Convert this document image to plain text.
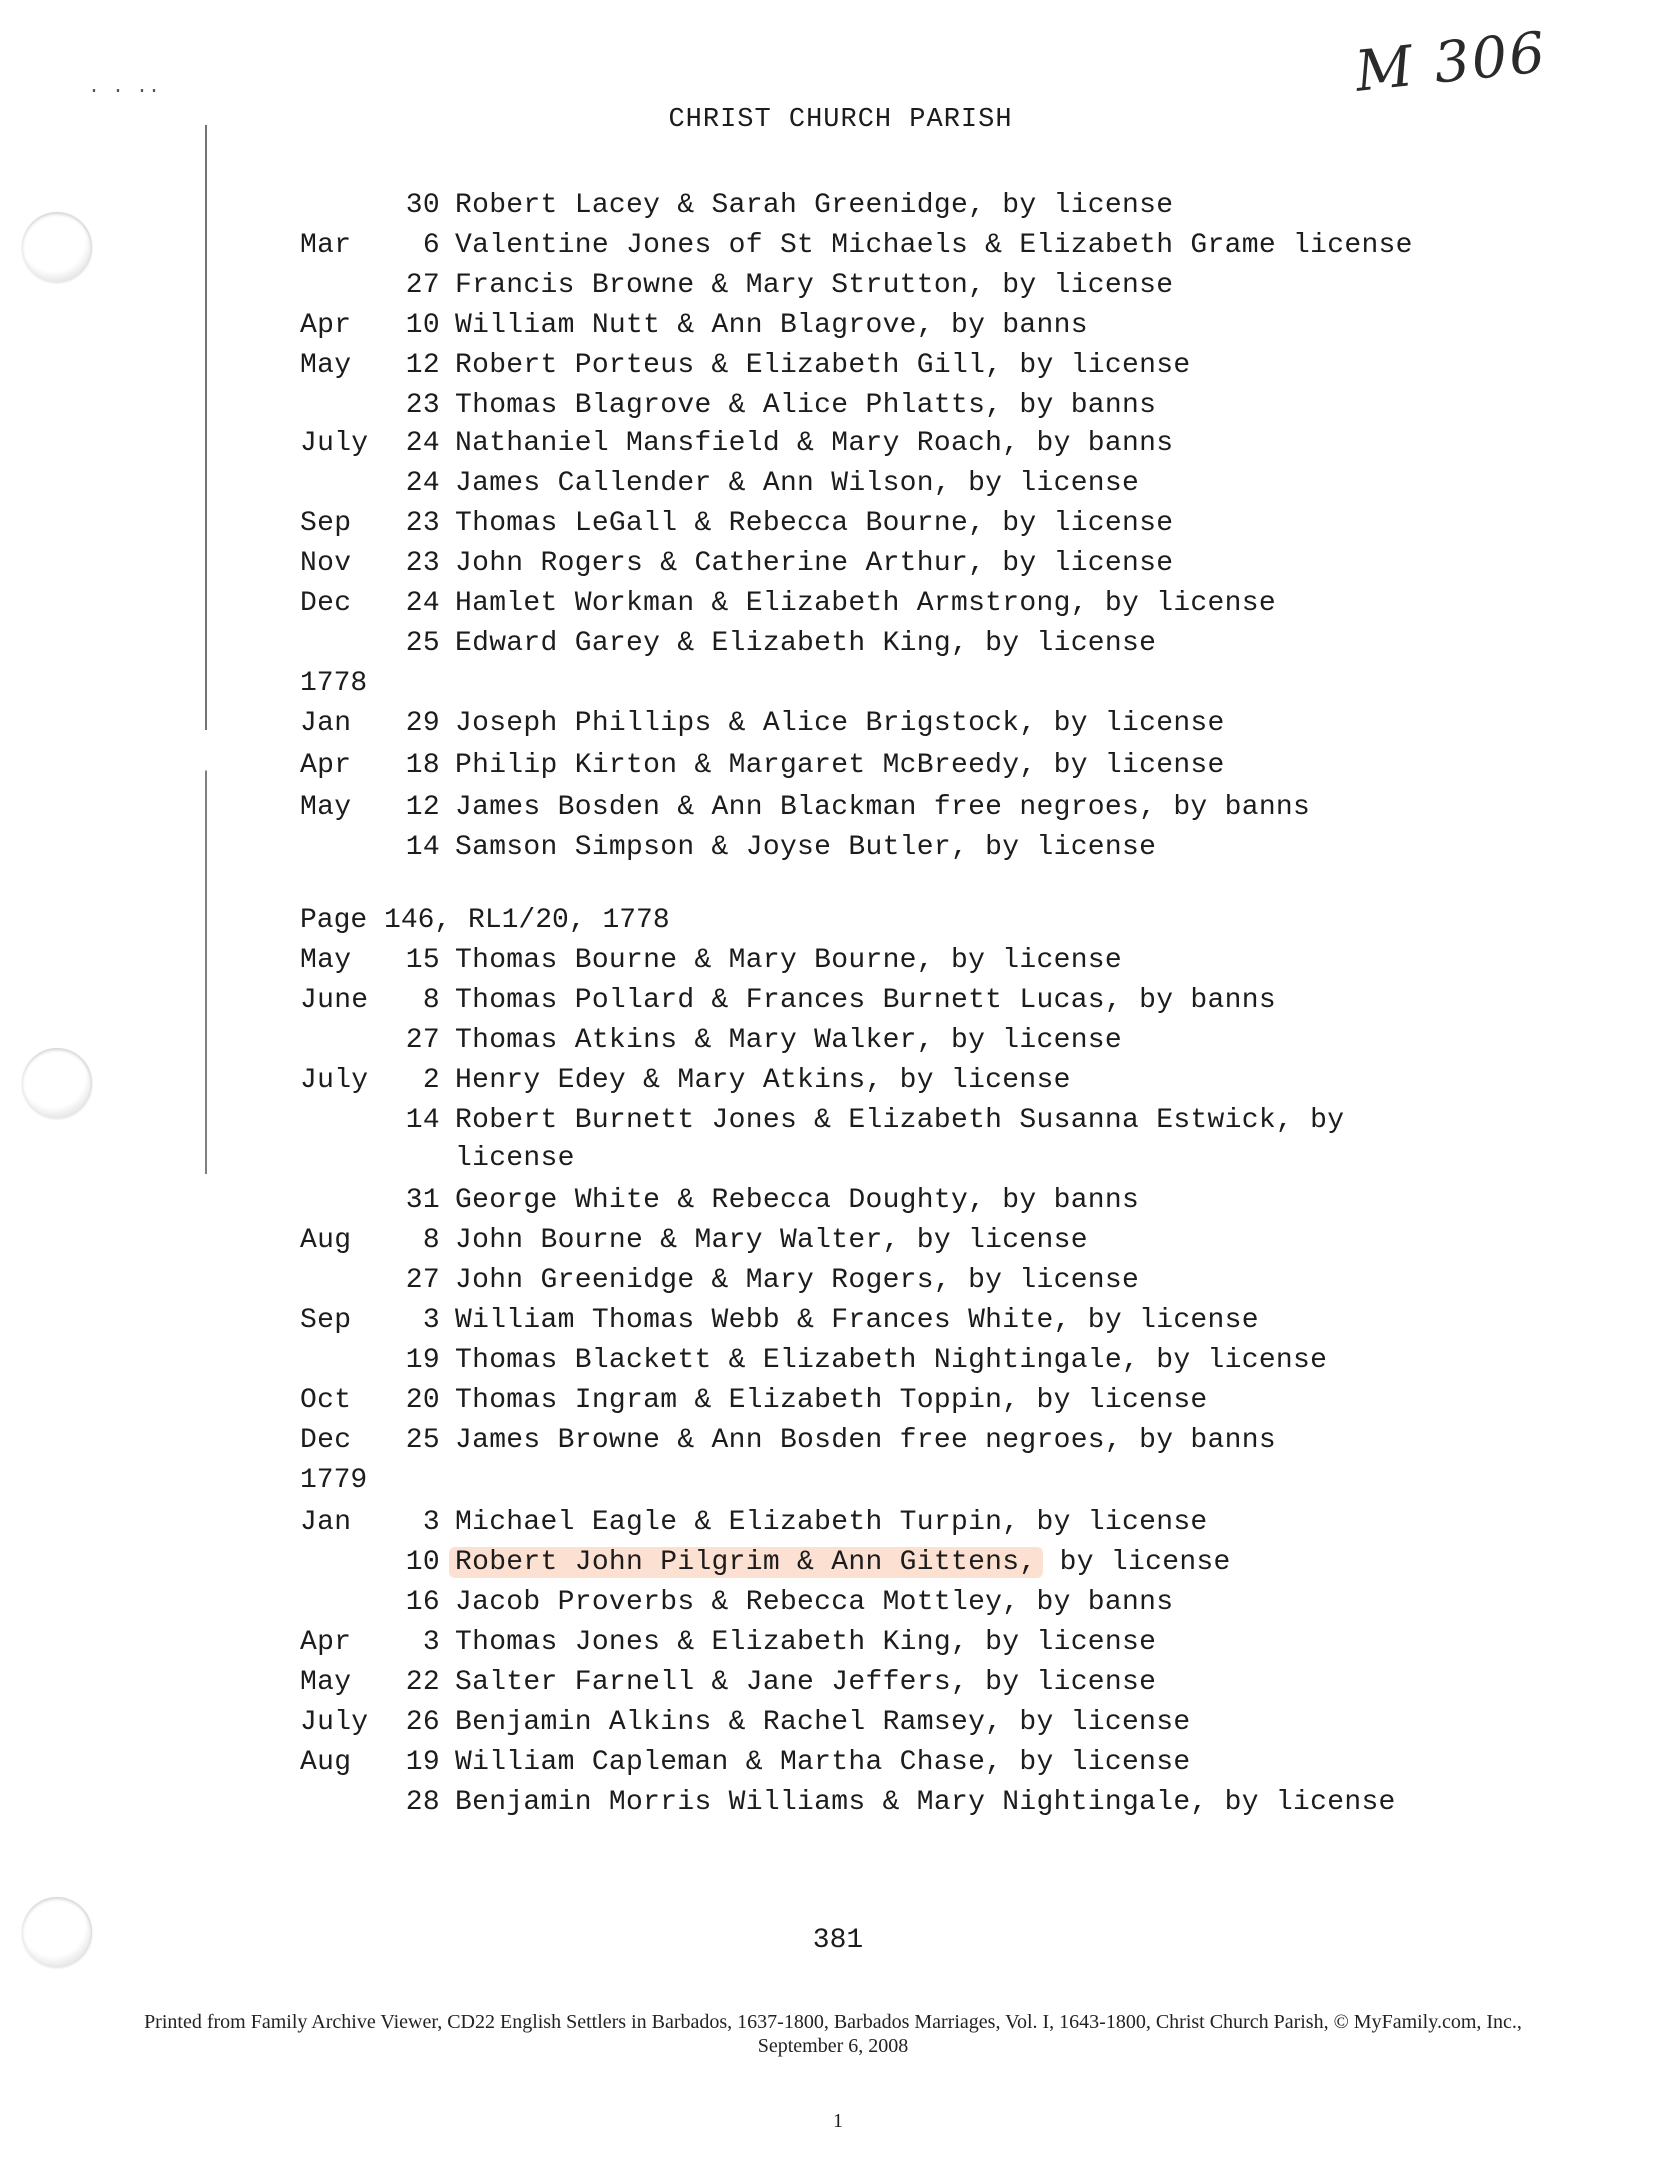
M 306
· · ··
CHRIST CHURCH PARISH
30 Robert Lacey & Sarah Greenidge, by license
Mar	6 Valentine Jones of St Michaels & Elizabeth Grame license
27 Francis Browne & Mary Strutton, by license
Apr	10 William Nutt & Ann Blagrove, by banns
May	12 Robert Porteus & Elizabeth Gill, by license
23 Thomas Blagrove & Alice Phlatts, by banns
July	24 Nathaniel Mansfield & Mary Roach, by banns
24 James Callender & Ann Wilson, by license
Sep	23 Thomas LeGall & Rebecca Bourne, by license
Nov	23 John Rogers & Catherine Arthur, by license
Dec	24 Hamlet Workman & Elizabeth Armstrong, by license
25 Edward Garey & Elizabeth King, by license
1778
Jan	29 Joseph Phillips & Alice Brigstock, by license
Apr	18 Philip Kirton & Margaret McBreedy, by license
May	12 James Bosden & Ann Blackman free negroes, by banns
14 Samson Simpson & Joyse Butler, by license
Page 146, RL1/20, 1778
May	15 Thomas Bourne & Mary Bourne, by license
June	8 Thomas Pollard & Frances Burnett Lucas, by banns
27 Thomas Atkins & Mary Walker, by license
July	2 Henry Edey & Mary Atkins, by license
14 Robert Burnett Jones & Elizabeth Susanna Estwick, by
license
31 George White & Rebecca Doughty, by banns
Aug	8 John Bourne & Mary Walter, by license
27 John Greenidge & Mary Rogers, by license
Sep	3 William Thomas Webb & Frances White, by license
19 Thomas Blackett & Elizabeth Nightingale, by license
Oct	20 Thomas Ingram & Elizabeth Toppin, by license
Dec	25 James Browne & Ann Bosden free negroes, by banns
1779
Jan	3 Michael Eagle & Elizabeth Turpin, by license
10 Robert John Pilgrim & Ann Gittens, by license
16 Jacob Proverbs & Rebecca Mottley, by banns
Apr	3 Thomas Jones & Elizabeth King, by license
May	22 Salter Farnell & Jane Jeffers, by license
July	26 Benjamin Alkins & Rachel Ramsey, by license
Aug	19 William Capleman & Martha Chase, by license
28 Benjamin Morris Williams & Mary Nightingale, by license
381
Printed from Family Archive Viewer, CD22 English Settlers in Barbados, 1637-1800, Barbados Marriages, Vol. I, 1643-1800, Christ Church Parish, © MyFamily.com, Inc.,
September 6, 2008
1
